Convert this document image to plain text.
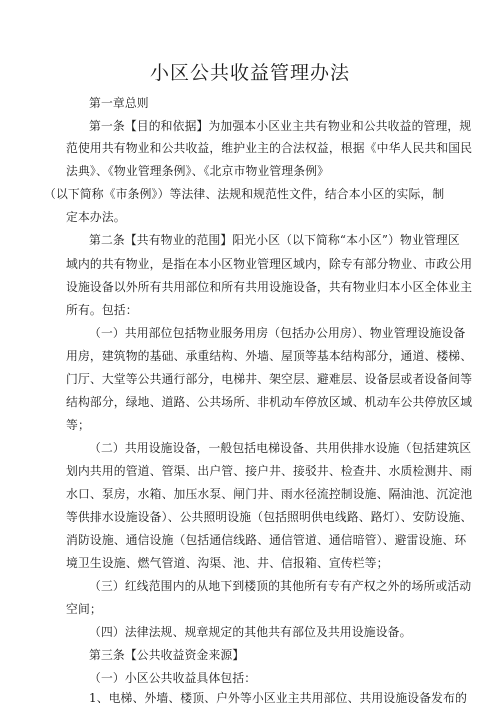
小区公共收益管理办法
第一章总则
第一条【目的和依据】为加强本小区业主共有物业和公共收益的管理，规
范使用共有物业和公共收益，维护业主的合法权益，根据《中华人民共和国民
法典》、《物业管理条例》、《北京市物业管理条例》
（以下简称《市条例》）等法律、法规和规范性文件，结合本小区的实际，制
定本办法。
第二条【共有物业的范围】阳光小区（以下简称“本小区”）物业管理区
域内的共有物业，是指在本小区物业管理区域内，除专有部分物业、市政公用
设施设备以外所有共用部位和所有共用设施设备，共有物业归本小区全体业主
所有。包括：
（一）共用部位包括物业服务用房（包括办公用房）、物业管理设施设备
用房，建筑物的基础、承重结构、外墙、屋顶等基本结构部分，通道、楼梯、
门厅、大堂等公共通行部分，电梯井、架空层、避难层、设备层或者设备间等
结构部分，绿地、道路、公共场所、非机动车停放区域、机动车公共停放区域
等；
（二）共用设施设备，一般包括电梯设备、共用供排水设施（包括建筑区
划内共用的管道、管渠、出户管、接户井、接驳井、检查井、水质检测井、雨
水口、泵房，水箱、加压水泵、闸门井、雨水径流控制设施、隔油池、沉淀池
等供排水设施设备）、公共照明设施（包括照明供电线路、路灯）、安防设施、
消防设施、通信设施（包括通信线路、通信管道、通信暗管）、避雷设施、环
境卫生设施、燃气管道、沟渠、池、井、信报箱、宣传栏等；
（三）红线范围内的从地下到楼顶的其他所有专有产权之外的场所或活动
空间；
（四）法律法规、规章规定的其他共有部位及共用设施设备。
第三条【公共收益资金来源】
（一）小区公共收益具体包括：
1、电梯、外墙、楼顶、户外等小区业主共用部位、共用设施设备发布的
